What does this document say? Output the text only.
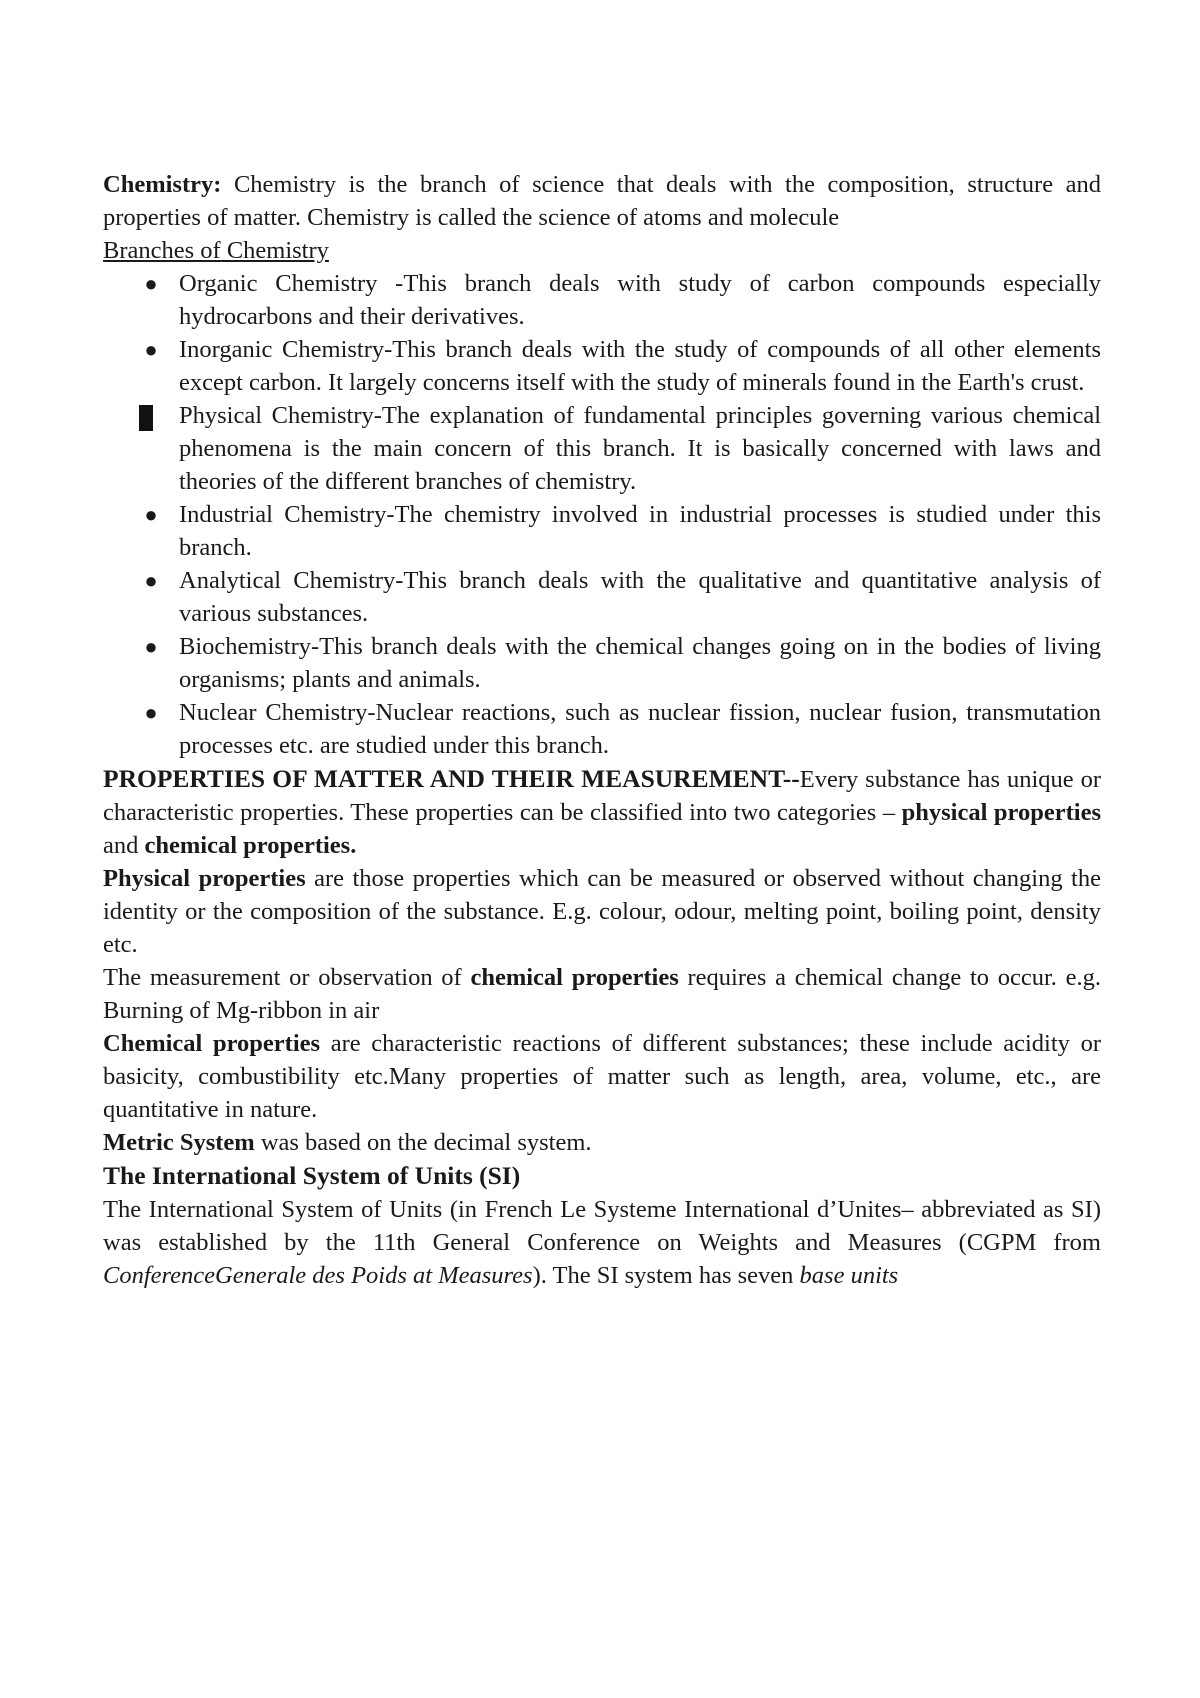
Chemistry: Chemistry is the branch of science that deals with the composition, structure and properties of matter. Chemistry is called the science of atoms and molecule

Branches of Chemistry

● Organic Chemistry -This branch deals with study of carbon compounds especially hydrocarbons and their derivatives.
● Inorganic Chemistry-This branch deals with the study of compounds of all other elements except carbon. It largely concerns itself with the study of minerals found in the Earth's crust.
Physical Chemistry-The explanation of fundamental principles governing various chemical phenomena is the main concern of this branch. It is basically concerned with laws and theories of the different branches of chemistry.
● Industrial Chemistry-The chemistry involved in industrial processes is studied under this branch.
● Analytical Chemistry-This branch deals with the qualitative and quantitative analysis of various substances.
● Biochemistry-This branch deals with the chemical changes going on in the bodies of living organisms; plants and animals.
● Nuclear Chemistry-Nuclear reactions, such as nuclear fission, nuclear fusion, transmutation processes etc. are studied under this branch.

PROPERTIES OF MATTER AND THEIR MEASUREMENT--Every substance has unique or characteristic properties. These properties can be classified into two categories – physical properties and chemical properties.

Physical properties are those properties which can be measured or observed without changing the identity or the composition of the substance. E.g. colour, odour, melting point, boiling point, density etc.

The measurement or observation of chemical properties requires a chemical change to occur. e.g. Burning of Mg-ribbon in air

Chemical properties are characteristic reactions of different substances; these include acidity or basicity, combustibility etc.Many properties of matter such as length, area, volume, etc., are quantitative in nature.

Metric System was based on the decimal system.

The International System of Units (SI)

The International System of Units (in French Le Systeme International d’Unites– abbreviated as SI) was established by the 11th General Conference on Weights and Measures (CGPM from ConferenceGenerale des Poids at Measures). The SI system has seven base units
